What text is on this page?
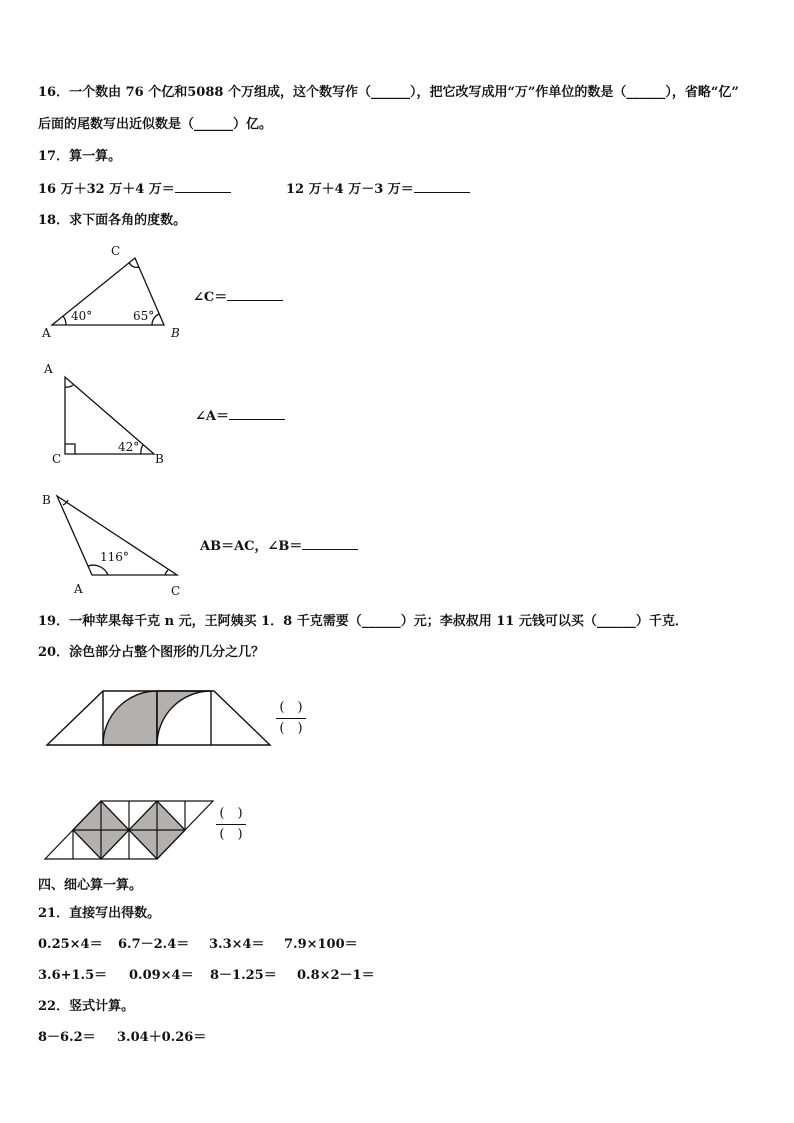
16．一个数由 76 个亿和5088 个万组成，这个数写作（______），把它改写成用“万”作单位的数是（______），省略“亿”
后面的尾数写出近似数是（______）亿。
17．算一算。
16 万＋32 万＋4 万＝	12 万＋4 万－3 万＝
18．求下面各角的度数。
C
A	B
40°	65°
∠C＝
A
C	B
42°
∠A＝
B
A	C
116°
AB＝AC，∠B＝
19．一种苹果每千克 n 元，王阿姨买 1．8 千克需要（______）元；李叔叔用 11 元钱可以买（______）千克．
20．涂色部分占整个图形的几分之几？
(　)
(　)
(　)
(　)
四、细心算一算。
21．直接写出得数。
0.25×4＝ 6.7－2.4＝ 3.3×4＝ 7.9×100＝
3.6+1.5＝ 0.09×4＝ 8－1.25＝ 0.8×2－1＝
22．竖式计算。
8－6.2＝ 3.04＋0.26＝
